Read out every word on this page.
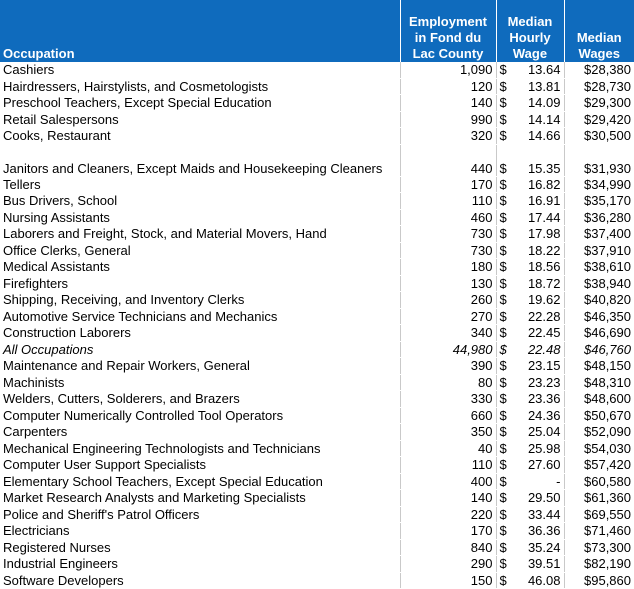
Occupation	Employment
in Fond du
Lac County	Median
Hourly
Wage	Median
Wages

Cashiers	1,090	$ 13.64	$28,380
Hairdressers, Hairstylists, and Cosmetologists	120	$ 13.81	$28,730
Preschool Teachers, Except Special Education	140	$ 14.09	$29,300
Retail Salespersons	990	$ 14.14	$29,420
Cooks, Restaurant	320	$ 14.66	$30,500
Janitors and Cleaners, Except Maids and Housekeeping Cleaners	440	$ 15.35	$31,930
Tellers	170	$ 16.82	$34,990
Bus Drivers, School	110	$ 16.91	$35,170
Nursing Assistants	460	$ 17.44	$36,280
Laborers and Freight, Stock, and Material Movers, Hand	730	$ 17.98	$37,400
Office Clerks, General	730	$ 18.22	$37,910
Medical Assistants	180	$ 18.56	$38,610
Firefighters	130	$ 18.72	$38,940
Shipping, Receiving, and Inventory Clerks	260	$ 19.62	$40,820
Automotive Service Technicians and Mechanics	270	$ 22.28	$46,350
Construction Laborers	340	$ 22.45	$46,690
All Occupations	44,980	$ 22.48	$46,760
Maintenance and Repair Workers, General	390	$ 23.15	$48,150
Machinists	80	$ 23.23	$48,310
Welders, Cutters, Solderers, and Brazers	330	$ 23.36	$48,600
Computer Numerically Controlled Tool Operators	660	$ 24.36	$50,670
Carpenters	350	$ 25.04	$52,090
Mechanical Engineering Technologists and Technicians	40	$ 25.98	$54,030
Computer User Support Specialists	110	$ 27.60	$57,420
Elementary School Teachers, Except Special Education	400	$ -	$60,580
Market Research Analysts and Marketing Specialists	140	$ 29.50	$61,360
Police and Sheriff's Patrol Officers	220	$ 33.44	$69,550
Electricians	170	$ 36.36	$71,460
Registered Nurses	840	$ 35.24	$73,300
Industrial Engineers	290	$ 39.51	$82,190
Software Developers	150	$ 46.08	$95,860
